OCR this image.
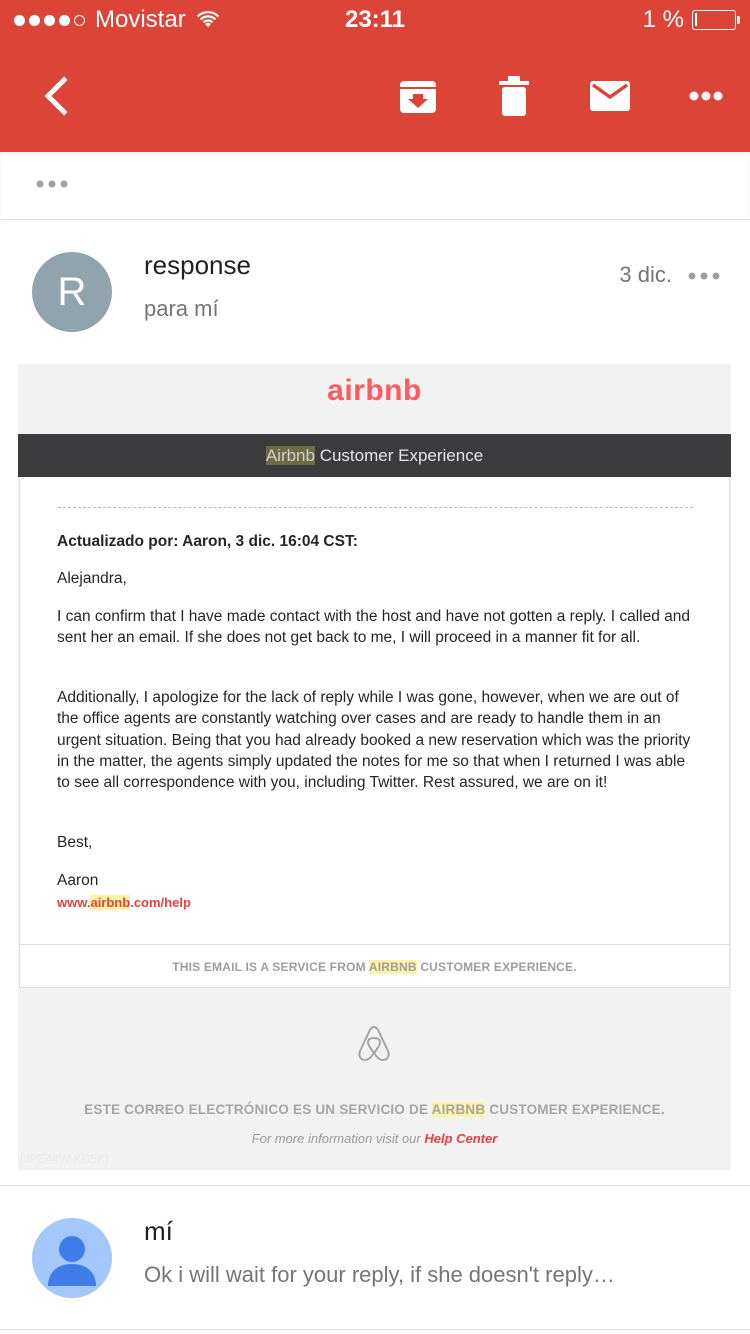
Movistar	23:11	1 %
R
response
para mí
3 dic.
airbnb
Airbnb Customer Experience
Actualizado por: Aaron, 3 dic. 16:04 CST:
Alejandra,
I can confirm that I have made contact with the host and have not gotten a reply. I called and sent her an email. If she does not get back to me, I will proceed in a manner fit for all.
Additionally, I apologize for the lack of reply while I was gone, however, when we are out of the office agents are constantly watching over cases and are ready to handle them in an urgent situation. Being that you had already booked a new reservation which was the priority in the matter, the agents simply updated the notes for me so that when I returned I was able to see all correspondence with you, including Twitter. Rest assured, we are on it!
Best,
Aaron
www.airbnb.com/help
THIS EMAIL IS A SERVICE FROM AIRBNB CUSTOMER EXPERIENCE.
ESTE CORREO ELECTRÓNICO ES UN SERVICIO DE AIRBNB CUSTOMER EXPERIENCE.
For more information visit our Help Center
[JPE44W-KD5K]
mí
Ok i will wait for your reply, if she doesn't reply…
